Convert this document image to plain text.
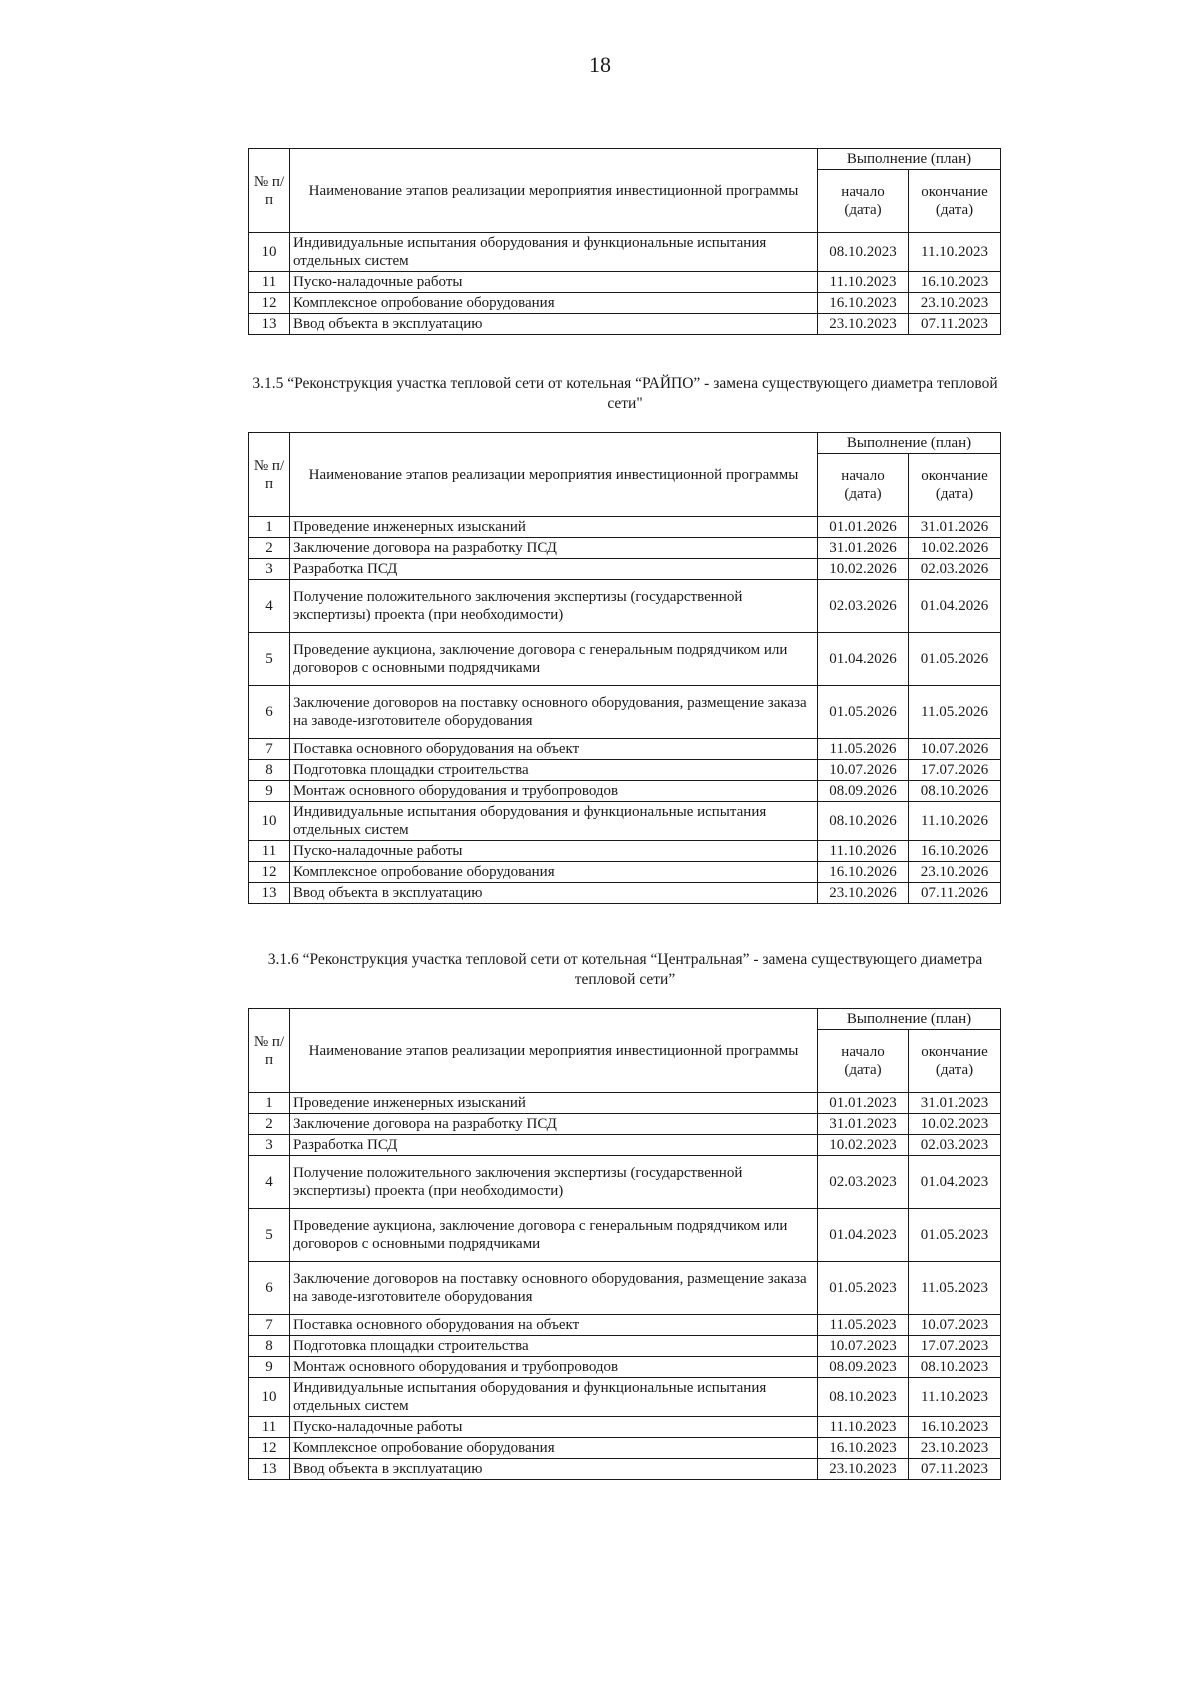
18
№ п/п	Наименование этапов реализации мероприятия инвестиционной программы	Выполнение (план)	
		начало (дата)	окончание (дата)
10	Индивидуальные испытания оборудования и функциональные испытания отдельных систем	08.10.2023	11.10.2023
11	Пуско-наладочные работы	11.10.2023	16.10.2023
12	Комплексное опробование оборудования	16.10.2023	23.10.2023
13	Ввод объекта в эксплуатацию	23.10.2023	07.11.2023
3.1.5 “Реконструкция участка тепловой сети от котельная “РАЙПО” - замена существующего диаметра тепловой сети"
№ п/п	Наименование этапов реализации мероприятия инвестиционной программы	Выполнение (план)	
		начало (дата)	окончание (дата)
1	Проведение инженерных изысканий	01.01.2026	31.01.2026
2	Заключение договора на разработку ПСД	31.01.2026	10.02.2026
3	Разработка ПСД	10.02.2026	02.03.2026
4	Получение положительного заключения экспертизы (государственной экспертизы) проекта (при необходимости)	02.03.2026	01.04.2026
5	Проведение аукциона, заключение договора с генеральным подрядчиком или договоров с основными подрядчиками	01.04.2026	01.05.2026
6	Заключение договоров на поставку основного оборудования, размещение заказа на заводе-изготовителе оборудования	01.05.2026	11.05.2026
7	Поставка основного оборудования на объект	11.05.2026	10.07.2026
8	Подготовка площадки строительства	10.07.2026	17.07.2026
9	Монтаж основного оборудования и трубопроводов	08.09.2026	08.10.2026
10	Индивидуальные испытания оборудования и функциональные испытания отдельных систем	08.10.2026	11.10.2026
11	Пуско-наладочные работы	11.10.2026	16.10.2026
12	Комплексное опробование оборудования	16.10.2026	23.10.2026
13	Ввод объекта в эксплуатацию	23.10.2026	07.11.2026
3.1.6 “Реконструкция участка тепловой сети от котельная “Центральная” - замена существующего диаметра тепловой сети”
№ п/п	Наименование этапов реализации мероприятия инвестиционной программы	Выполнение (план)	
		начало (дата)	окончание (дата)
1	Проведение инженерных изысканий	01.01.2023	31.01.2023
2	Заключение договора на разработку ПСД	31.01.2023	10.02.2023
3	Разработка ПСД	10.02.2023	02.03.2023
4	Получение положительного заключения экспертизы (государственной экспертизы) проекта (при необходимости)	02.03.2023	01.04.2023
5	Проведение аукциона, заключение договора с генеральным подрядчиком или договоров с основными подрядчиками	01.04.2023	01.05.2023
6	Заключение договоров на поставку основного оборудования, размещение заказа на заводе-изготовителе оборудования	01.05.2023	11.05.2023
7	Поставка основного оборудования на объект	11.05.2023	10.07.2023
8	Подготовка площадки строительства	10.07.2023	17.07.2023
9	Монтаж основного оборудования и трубопроводов	08.09.2023	08.10.2023
10	Индивидуальные испытания оборудования и функциональные испытания отдельных систем	08.10.2023	11.10.2023
11	Пуско-наладочные работы	11.10.2023	16.10.2023
12	Комплексное опробование оборудования	16.10.2023	23.10.2023
13	Ввод объекта в эксплуатацию	23.10.2023	07.11.2023
